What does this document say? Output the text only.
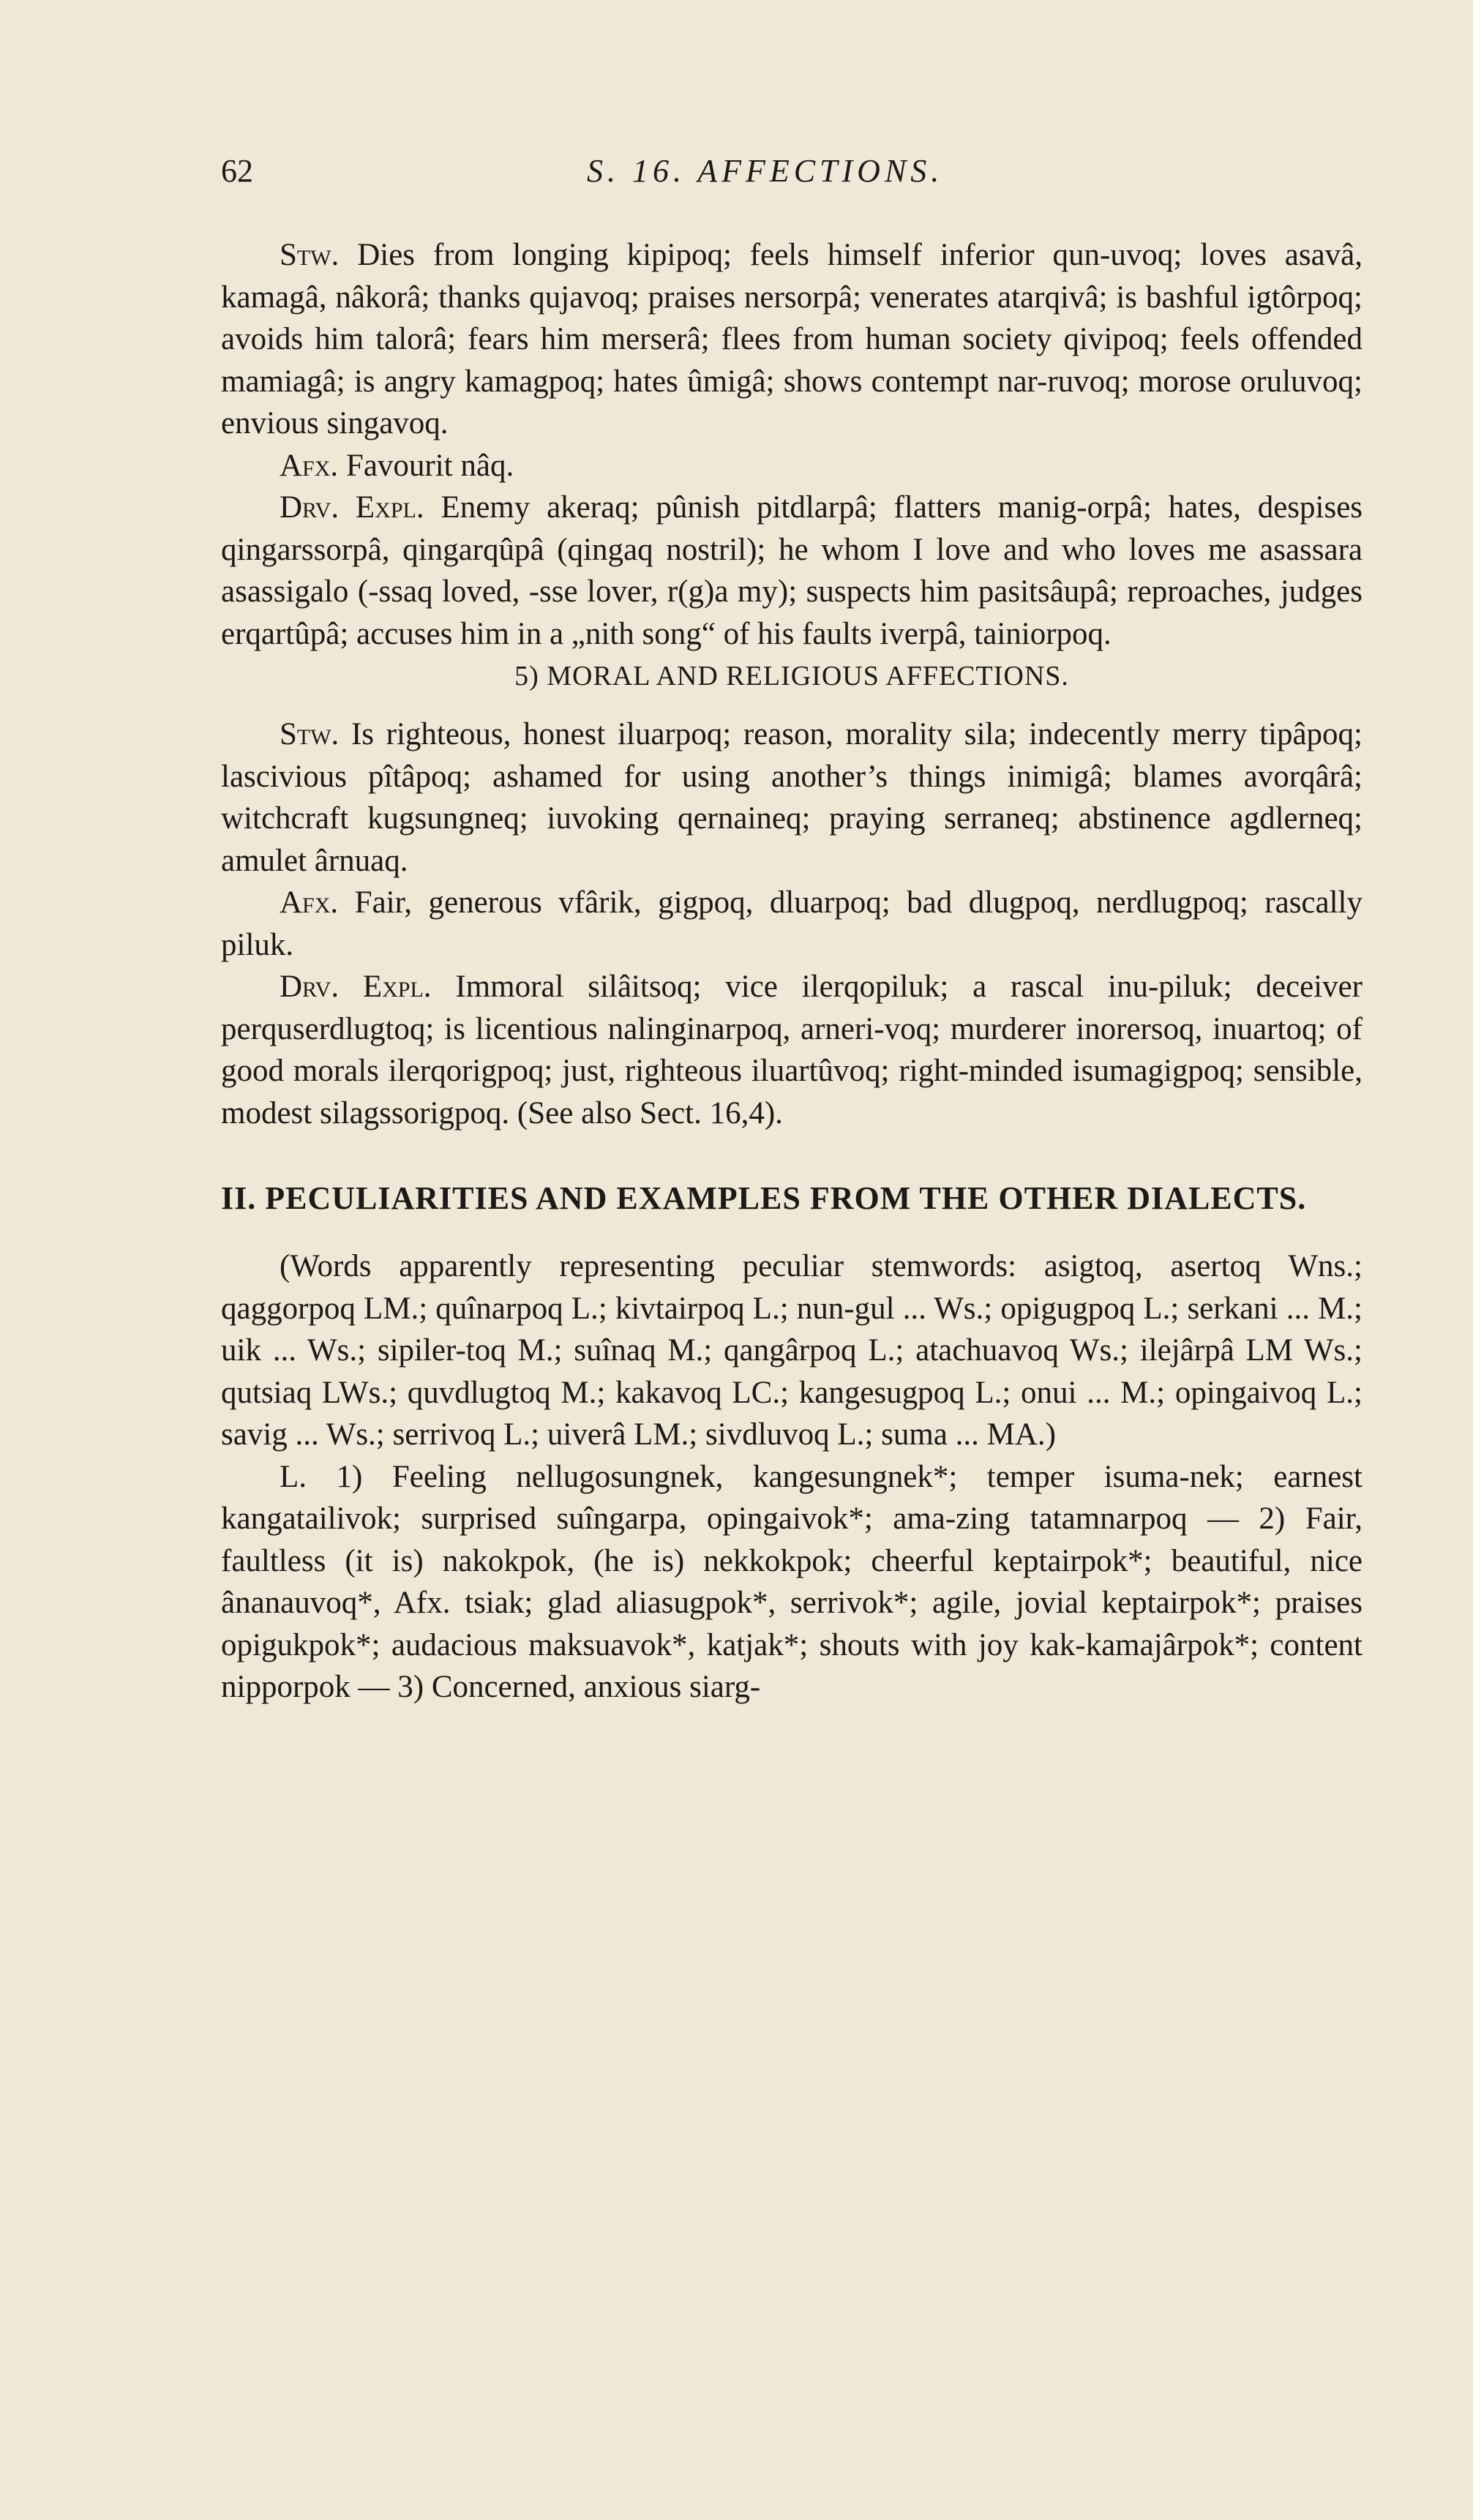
62	S. 16. AFFECTIONS.

Stw. Dies from longing kipipoq; feels himself inferior qun-uvoq; loves asavâ, kamagâ, nâkorâ; thanks qujavoq; praises nersorpâ; venerates atarqivâ; is bashful igtôrpoq; avoids him talorâ; fears him merserâ; flees from human society qivipoq; feels offended mamiagâ; is angry kamagpoq; hates ûmigâ; shows contempt nar-ruvoq; morose oruluvoq; envious singavoq.

Afx. Favourit nâq.

Drv. Expl. Enemy akeraq; pûnish pitdlarpâ; flatters manig-orpâ; hates, despises qingarssorpâ, qingarqûpâ (qingaq nostril); he whom I love and who loves me asassara asassigalo (-ssaq loved, -sse lover, r(g)a my); suspects him pasitsâupâ; reproaches, judges erqartûpâ; accuses him in a „nith song“ of his faults iverpâ, tainiorpoq.

5) MORAL AND RELIGIOUS AFFECTIONS.

Stw. Is righteous, honest iluarpoq; reason, morality sila; indecently merry tipâpoq; lascivious pîtâpoq; ashamed for using another’s things inimigâ; blames avorqârâ; witchcraft kugsungneq; iuvoking qernaineq; praying serraneq; abstinence agdlerneq; amulet ârnuaq.

Afx. Fair, generous vfârik, gigpoq, dluarpoq; bad dlugpoq, nerdlugpoq; rascally piluk.

Drv. Expl. Immoral silâitsoq; vice ilerqopiluk; a rascal inu-piluk; deceiver perquserdlugtoq; is licentious nalinginarpoq, arneri-voq; murderer inorersoq, inuartoq; of good morals ilerqorigpoq; just, righteous iluartûvoq; right-minded isumagigpoq; sensible, modest silagssorigpoq. (See also Sect. 16,4).

II. PECULIARITIES AND EXAMPLES FROM THE OTHER DIALECTS.

(Words apparently representing peculiar stemwords: asigtoq, asertoq Wns.; qaggorpoq LM.; quînarpoq L.; kivtairpoq L.; nun-gul ... Ws.; opigugpoq L.; serkani ... M.; uik ... Ws.; sipiler-toq M.; suînaq M.; qangârpoq L.; atachuavoq Ws.; ilejârpâ LM Ws.; qutsiaq LWs.; quvdlugtoq M.; kakavoq LC.; kangesugpoq L.; onui ... M.; opingaivoq L.; savig ... Ws.; serrivoq L.; uiverâ LM.; sivdluvoq L.; suma ... MA.)

L. 1) Feeling nellugosungnek, kangesungnek*; temper isuma-nek; earnest kangatailivok; surprised suîngarpa, opingaivok*; ama-zing tatamnarpoq — 2) Fair, faultless (it is) nakokpok, (he is) nekkokpok; cheerful keptairpok*; beautiful, nice ânanauvoq*, Afx. tsiak; glad aliasugpok*, serrivok*; agile, jovial keptairpok*; praises opigukpok*; audacious maksuavok*, katjak*; shouts with joy kak-kamajârpok*; content nipporpok — 3) Concerned, anxious siarg-
